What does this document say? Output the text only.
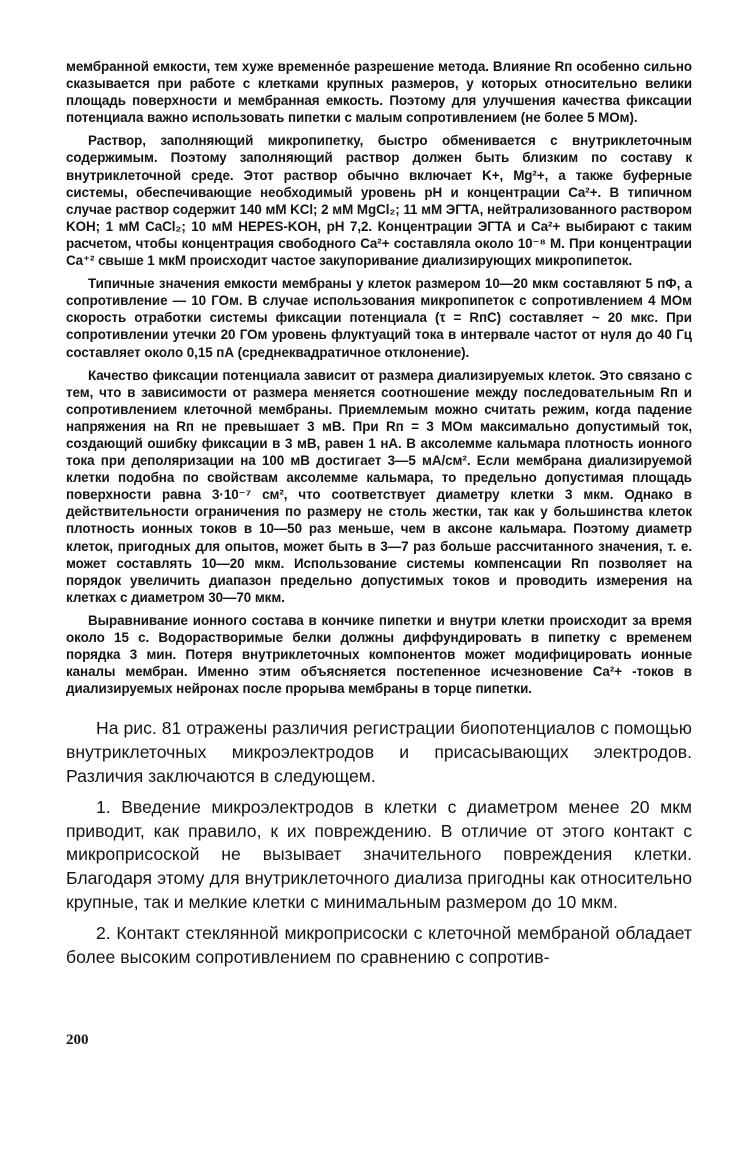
мембранной емкости, тем хуже временнóе разрешение метода. Влияние Rп особенно сильно сказывается при работе с клетками крупных размеров, у которых относительно велики площадь поверхности и мембранная емкость. Поэтому для улучшения качества фиксации потенциала важно использовать пипетки с малым сопротивлением (не более 5 МОм).

Раствор, заполняющий микропипетку, быстро обменивается с внутриклеточным содержимым. Поэтому заполняющий раствор должен быть близким по составу к внутриклеточной среде. Этот раствор обычно включает K+, Mg²+, а также буферные системы, обеспечивающие необходимый уровень pH и концентрации Ca²+. В типичном случае раствор содержит 140 мМ KCl; 2 мМ MgCl₂; 11 мМ ЭГТА, нейтрализованного раствором KOH; 1 мМ CaCl₂; 10 мМ HEPES-KOH, pH 7,2. Концентрации ЭГТА и Ca²+ выбирают с таким расчетом, чтобы концентрация свободного Ca²+ составляла около 10⁻⁸ М. При концентрации Ca⁺² свыше 1 мкМ происходит частое закупоривание диализирующих микропипеток.

Типичные значения емкости мембраны у клеток размером 10—20 мкм составляют 5 пФ, а сопротивление — 10 ГОм. В случае использования микропипеток с сопротивлением 4 МОм скорость отработки системы фиксации потенциала (τ = RпC) составляет ~ 20 мкс. При сопротивлении утечки 20 ГОм уровень флуктуаций тока в интервале частот от нуля до 40 Гц составляет около 0,15 пА (среднеквадратичное отклонение).

Качество фиксации потенциала зависит от размера диализируемых клеток. Это связано с тем, что в зависимости от размера меняется соотношение между последовательным Rп и сопротивлением клеточной мембраны. Приемлемым можно считать режим, когда падение напряжения на Rп не превышает 3 мВ. При Rп = 3 МОм максимально допустимый ток, создающий ошибку фиксации в 3 мВ, равен 1 нА. В аксолемме кальмара плотность ионного тока при деполяризации на 100 мВ достигает 3—5 мА/см². Если мембрана диализируемой клетки подобна по свойствам аксолемме кальмара, то предельно допустимая площадь поверхности равна 3·10⁻⁷ см², что соответствует диаметру клетки 3 мкм. Однако в действительности ограничения по размеру не столь жестки, так как у большинства клеток плотность ионных токов в 10—50 раз меньше, чем в аксоне кальмара. Поэтому диаметр клеток, пригодных для опытов, может быть в 3—7 раз больше рассчитанного значения, т. е. может составлять 10—20 мкм. Использование системы компенсации Rп позволяет на порядок увеличить диапазон предельно допустимых токов и проводить измерения на клетках с диаметром 30—70 мкм.

Выравнивание ионного состава в кончике пипетки и внутри клетки происходит за время около 15 с. Водорастворимые белки должны диффундировать в пипетку с временем порядка 3 мин. Потеря внутриклеточных компонентов может модифицировать ионные каналы мембран. Именно этим объясняется постепенное исчезновение Ca²+ -токов в диализируемых нейронах после прорыва мембраны в торце пипетки.

На рис. 81 отражены различия регистрации биопотенциалов с помощью внутриклеточных микроэлектродов и присасывающих электродов. Различия заключаются в следующем.

1. Введение микроэлектродов в клетки с диаметром менее 20 мкм приводит, как правило, к их повреждению. В отличие от этого контакт с микроприсоской не вызывает значительного повреждения клетки. Благодаря этому для внутриклеточного диализа пригодны как относительно крупные, так и мелкие клетки с минимальным размером до 10 мкм.

2. Контакт стеклянной микроприсоски с клеточной мембраной обладает более высоким сопротивлением по сравнению с сопротив-

200
